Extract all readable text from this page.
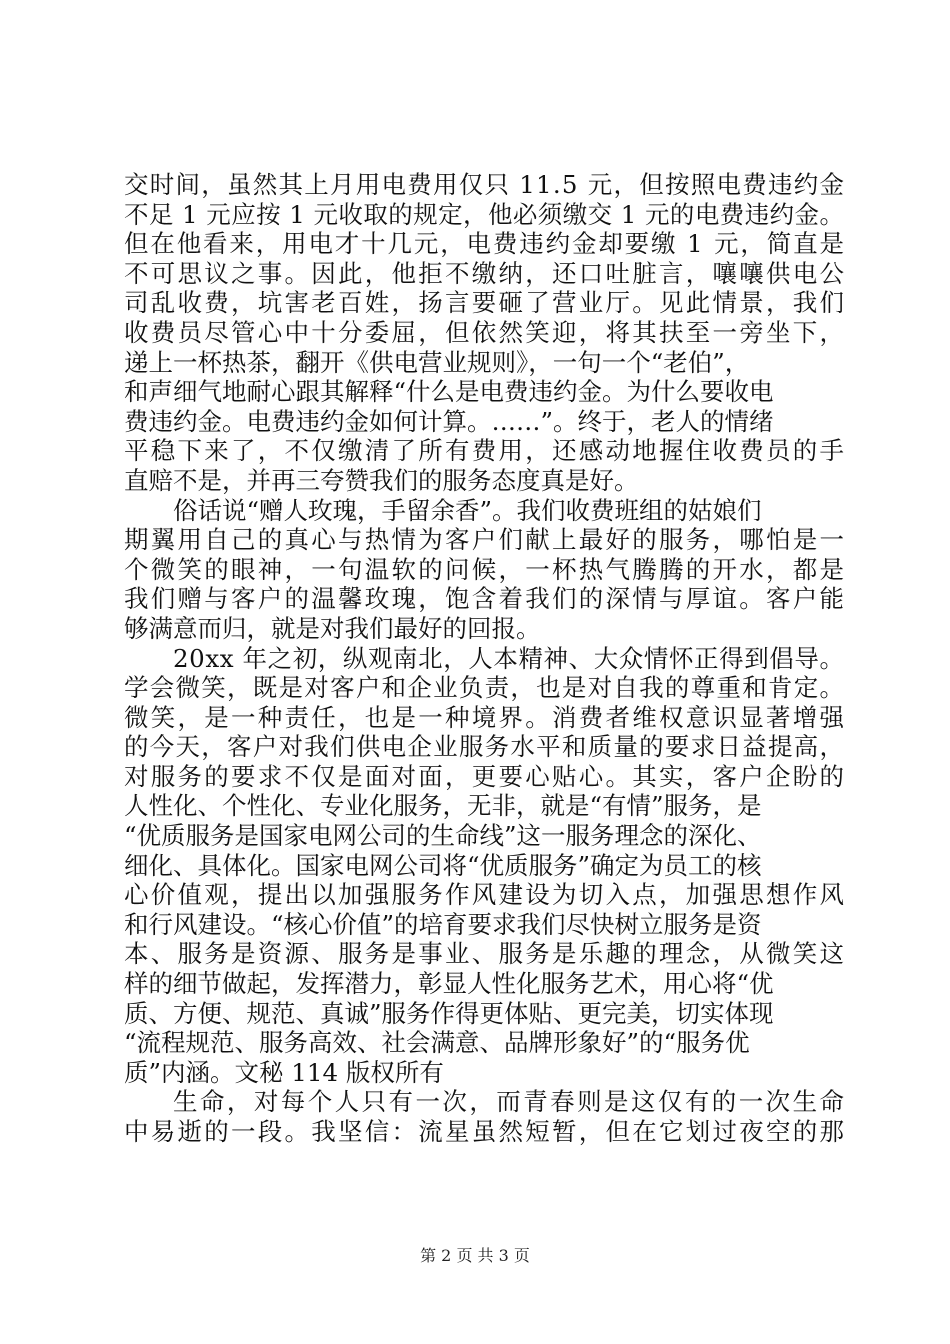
交时间，虽然其上月用电费用仅只 11.5 元，但按照电费违约金
不足 1 元应按 1 元收取的规定，他必须缴交 1 元的电费违约金。
但在他看来，用电才十几元，电费违约金却要缴 1 元，简直是
不可思议之事。因此，他拒不缴纳，还口吐脏言，嚷嚷供电公
司乱收费，坑害老百姓，扬言要砸了营业厅。见此情景，我们
收费员尽管心中十分委屈，但依然笑迎，将其扶至一旁坐下，
递上一杯热茶，翻开《供电营业规则》，一句一个“老伯”，
和声细气地耐心跟其解释“什么是电费违约金。为什么要收电
费违约金。电费违约金如何计算。……”。终于，老人的情绪
平稳下来了，不仅缴清了所有费用，还感动地握住收费员的手
直赔不是，并再三夸赞我们的服务态度真是好。
俗话说“赠人玫瑰，手留余香”。我们收费班组的姑娘们
期翼用自己的真心与热情为客户们献上最好的服务，哪怕是一
个微笑的眼神，一句温软的问候，一杯热气腾腾的开水，都是
我们赠与客户的温馨玫瑰，饱含着我们的深情与厚谊。客户能
够满意而归，就是对我们最好的回报。
20xx 年之初，纵观南北，人本精神、大众情怀正得到倡导。
学会微笑，既是对客户和企业负责，也是对自我的尊重和肯定。
微笑，是一种责任，也是一种境界。消费者维权意识显著增强
的今天，客户对我们供电企业服务水平和质量的要求日益提高，
对服务的要求不仅是面对面，更要心贴心。其实，客户企盼的
人性化、个性化、专业化服务，无非，就是“有情”服务，是
“优质服务是国家电网公司的生命线”这一服务理念的深化、
细化、具体化。国家电网公司将“优质服务”确定为员工的核
心价值观，提出以加强服务作风建设为切入点，加强思想作风
和行风建设。“核心价值”的培育要求我们尽快树立服务是资
本、服务是资源、服务是事业、服务是乐趣的理念，从微笑这
样的细节做起，发挥潜力，彰显人性化服务艺术，用心将“优
质、方便、规范、真诚”服务作得更体贴、更完美，切实体现
“流程规范、服务高效、社会满意、品牌形象好”的“服务优
质”内涵。文秘 114 版权所有
生命，对每个人只有一次，而青春则是这仅有的一次生命
中易逝的一段。我坚信：流星虽然短暂，但在它划过夜空的那
第 2 页 共 3 页
